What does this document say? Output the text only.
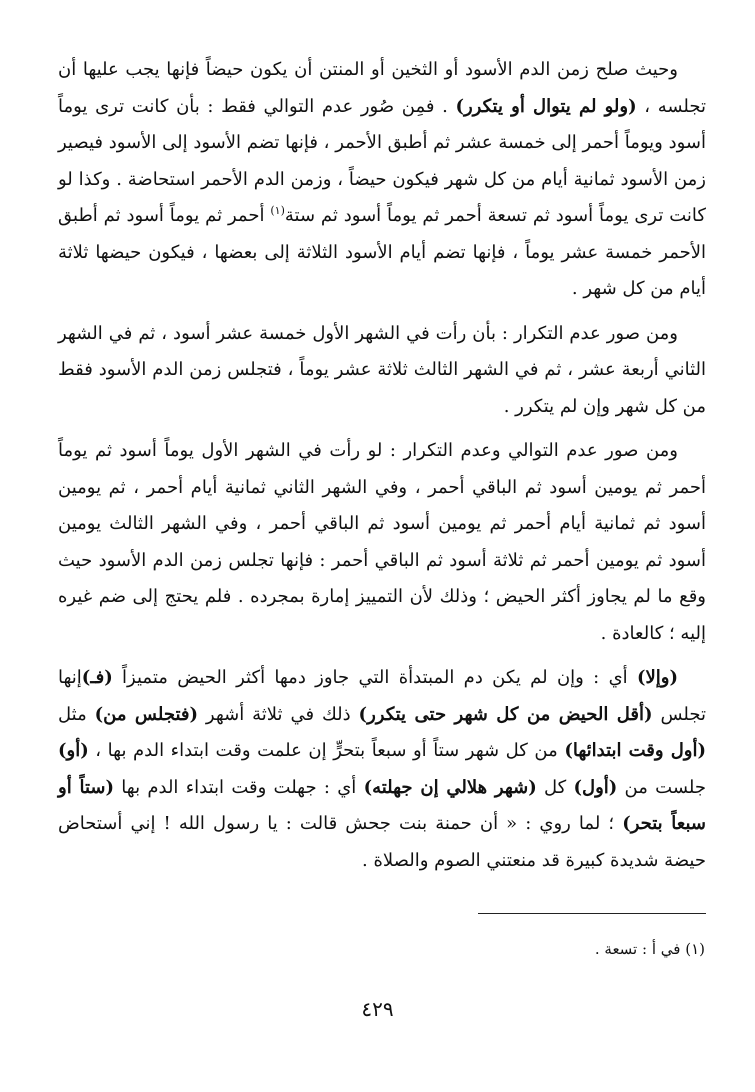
وحيث صلح زمن الدم الأسود أو الثخين أو المنتن أن يكون حيضاً فإنها يجب عليها أن تجلسه ، (ولو لم يتوال أو يتكرر) . فمِن صُور عدم التوالي فقط : بأن كانت ترى يوماً أسود ويوماً أحمر إلى خمسة عشر ثم أطبق الأحمر ، فإنها تضم الأسود إلى الأسود فيصير زمن الأسود ثمانية أيام من كل شهر فيكون حيضاً ، وزمن الدم الأحمر استحاضة . وكذا لو كانت ترى يوماً أسود ثم تسعة أحمر ثم يوماً أسود ثم ستة$^{(١)}$ أحمر ثم يوماً أسود ثم أطبق الأحمر خمسة عشر يوماً ، فإنها تضم أيام الأسود الثلاثة إلى بعضها ، فيكون حيضها ثلاثة أيام من كل شهر .

ومن صور عدم التكرار : بأن رأت في الشهر الأول خمسة عشر أسود ، ثم في الشهر الثاني أربعة عشر ، ثم في الشهر الثالث ثلاثة عشر يوماً ، فتجلس زمن الدم الأسود فقط من كل شهر وإن لم يتكرر .

ومن صور عدم التوالي وعدم التكرار : لو رأت في الشهر الأول يوماً أسود ثم يوماً أحمر ثم يومين أسود ثم الباقي أحمر ، وفي الشهر الثاني ثمانية أيام أحمر ، ثم يومين أسود ثم ثمانية أيام أحمر ثم يومين أسود ثم الباقي أحمر ، وفي الشهر الثالث يومين أسود ثم يومين أحمر ثم ثلاثة أسود ثم الباقي أحمر : فإنها تجلس زمن الدم الأسود حيث وقع ما لم يجاوز أكثر الحيض ؛ وذلك لأن التمييز إمارة بمجرده . فلم يحتج إلى ضم غيره إليه ؛ كالعادة .

(وإلا) أي : وإن لم يكن دم المبتدأة التي جاوز دمها أكثر الحيض متميزاً (فـ)إنها تجلس (أقل الحيض من كل شهر حتى يتكرر) ذلك في ثلاثة أشهر (فتجلس من) مثل (أول وقت ابتدائها) من كل شهر ستاً أو سبعاً بتحرٍّ إن علمت وقت ابتداء الدم بها ، (أو) جلست من (أول) كل (شهر هلالي إن جهلته) أي : جهلت وقت ابتداء الدم بها (ستاً أو سبعاً بتحر) ؛ لما روي : « أن حمنة بنت جحش قالت : يا رسول الله ! إني أستحاض حيضة شديدة كبيرة قد منعتني الصوم والصلاة .

(١) في أ : تسعة .

٤٢٩
